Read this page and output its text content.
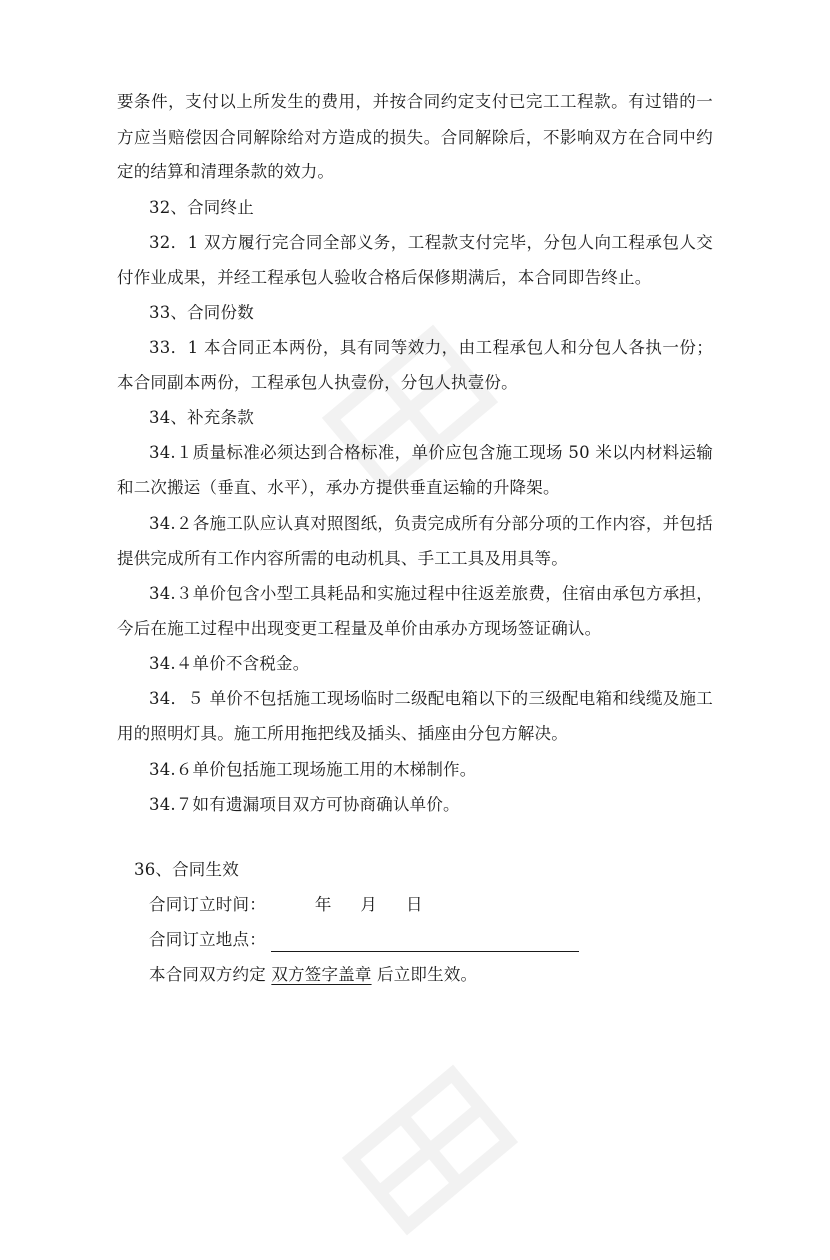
要条件，支付以上所发生的费用，并按合同约定支付已完工工程款。有过错的一
方应当赔偿因合同解除给对方造成的损失。合同解除后，不影响双方在合同中约
定的结算和清理条款的效力。
32、合同终止
32．1 双方履行完合同全部义务，工程款支付完毕，分包人向工程承包人交
付作业成果，并经工程承包人验收合格后保修期满后，本合同即告终止。
33、合同份数
33．1 本合同正本两份，具有同等效力，由工程承包人和分包人各执一份；
本合同副本两份，工程承包人执壹份，分包人执壹份。
34、补充条款
34.１质量标准必须达到合格标准，单价应包含施工现场 50 米以内材料运输
和二次搬运（垂直、水平），承办方提供垂直运输的升降架。
34.２各施工队应认真对照图纸，负责完成所有分部分项的工作内容，并包括
提供完成所有工作内容所需的电动机具、手工工具及用具等。
34.３单价包含小型工具耗品和实施过程中往返差旅费，住宿由承包方承担，
今后在施工过程中出现变更工程量及单价由承办方现场签证确认。
34.４单价不含税金。
34．５ 单价不包括施工现场临时二级配电箱以下的三级配电箱和线缆及施工
用的照明灯具。施工所用拖把线及插头、插座由分包方解决。
34.６单价包括施工现场施工用的木梯制作。
34.７如有遗漏项目双方可协商确认单价。
36、合同生效
合同订立时间：	年 月 日
合同订立地点：
本合同双方约定 双方签字盖章 后立即生效。
